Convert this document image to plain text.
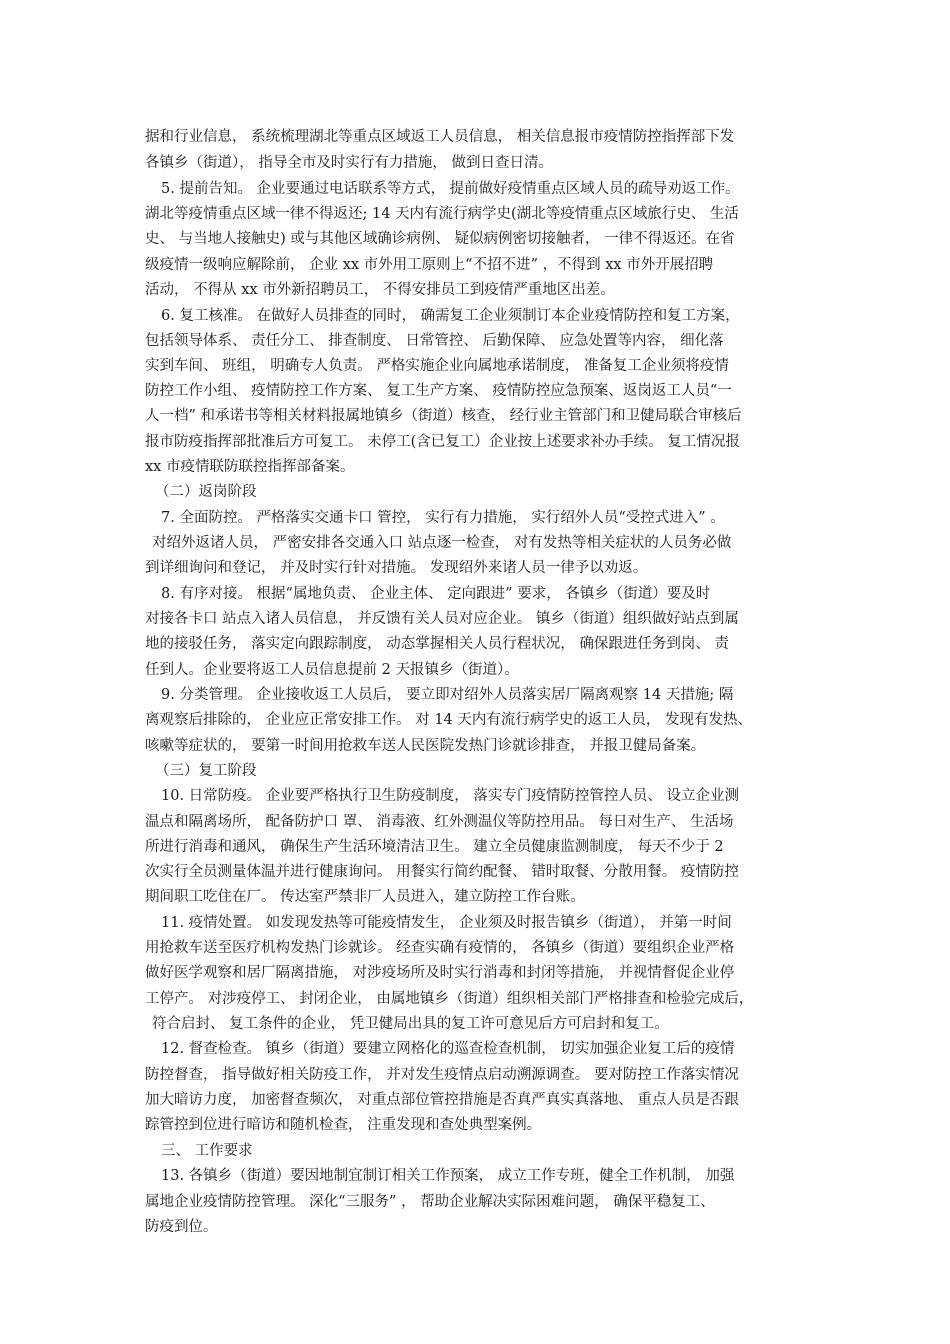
据和行业信息， 系统梳理湖北等重点区域返工人员信息， 相关信息报市疫情防控指挥部下发
各镇乡（街道）， 指导全市及时实行有力措施， 做到日查日清。
5. 提前告知。 企业要通过电话联系等方式， 提前做好疫情重点区域人员的疏导劝返工作。
湖北等疫情重点区域一律不得返还; 14 天内有流行病学史(湖北等疫情重点区域旅行史、 生活
史、 与当地人接触史) 或与其他区域确诊病例、 疑似病例密切接触者， 一律不得返还。在省
级疫情一级响应解除前， 企业 xx 市外用工原则上“不招不进” ，不得到 xx 市外开展招聘
活动， 不得从 xx 市外新招聘员工， 不得安排员工到疫情严重地区出差。
6. 复工核准。 在做好人员排查的同时， 确需复工企业须制订本企业疫情防控和复工方案，
包括领导体系、 责任分工、 排查制度、 日常管控、 后勤保障、 应急处置等内容， 细化落
实到车间、 班组， 明确专人负责。 严格实施企业向属地承诺制度， 准备复工企业须将疫情
防控工作小组、 疫情防控工作方案、 复工生产方案、 疫情防控应急预案、返岗返工人员“一
人一档” 和承诺书等相关材料报属地镇乡（街道）核查， 经行业主管部门和卫健局联合审核后
报市防疫指挥部批准后方可复工。 未停工(含已复工）企业按上述要求补办手续。 复工情况报
xx 市疫情联防联控指挥部备案。
（二）返岗阶段
7. 全面防控。 严格落实交通卡口 管控， 实行有力措施， 实行绍外人员“受控式进入” 。
对绍外返诸人员， 严密安排各交通入口 站点逐一检查， 对有发热等相关症状的人员务必做
到详细询问和登记， 并及时实行针对措施。 发现绍外来诸人员一律予以劝返。
8. 有序对接。 根据“属地负责、 企业主体、 定向跟进” 要求， 各镇乡（街道）要及时
对接各卡口 站点入诸人员信息， 并反馈有关人员对应企业。 镇乡（街道）组织做好站点到属
地的接驳任务， 落实定向跟踪制度， 动态掌握相关人员行程状况， 确保跟进任务到岗、 责
任到人。企业要将返工人员信息提前 2 天报镇乡（街道）。
9. 分类管理。 企业接收返工人员后， 要立即对绍外人员落实居厂隔离观察 14 天措施; 隔
离观察后排除的， 企业应正常安排工作。 对 14 天内有流行病学史的返工人员， 发现有发热、
咳嗽等症状的， 要第一时间用抢救车送人民医院发热门诊就诊排查， 并报卫健局备案。
（三）复工阶段
10. 日常防疫。 企业要严格执行卫生防疫制度， 落实专门疫情防控管控人员、 设立企业测
温点和隔离场所， 配备防护口 罩、 消毒液、红外测温仪等防控用品。 每日对生产、 生活场
所进行消毒和通风， 确保生产生活环境清洁卫生。 建立全员健康监测制度， 每天不少于 2
次实行全员测量体温并进行健康询问。 用餐实行简约配餐、 错时取餐、分散用餐。 疫情防控
期间职工吃住在厂。 传达室严禁非厂人员进入，建立防控工作台账。
11. 疫情处置。 如发现发热等可能疫情发生， 企业须及时报告镇乡（街道）， 并第一时间
用抢救车送至医疗机构发热门诊就诊。 经查实确有疫情的， 各镇乡（街道）要组织企业严格
做好医学观察和居厂隔离措施， 对涉疫场所及时实行消毒和封闭等措施， 并视情督促企业停
工停产。 对涉疫停工、 封闭企业， 由属地镇乡（街道）组织相关部门严格排查和检验完成后，
符合启封、 复工条件的企业， 凭卫健局出具的复工许可意见后方可启封和复工。
12. 督查检查。 镇乡（街道）要建立网格化的巡查检查机制， 切实加强企业复工后的疫情
防控督查， 指导做好相关防疫工作， 并对发生疫情点启动溯源调查。 要对防控工作落实情况
加大暗访力度， 加密督查频次， 对重点部位管控措施是否真严真实真落地、 重点人员是否跟
踪管控到位进行暗访和随机检查， 注重发现和查处典型案例。
三、 工作要求
13. 各镇乡（街道）要因地制宜制订相关工作预案， 成立工作专班，健全工作机制， 加强
属地企业疫情防控管理。 深化“三服务” ， 帮助企业解决实际困难问题， 确保平稳复工、
防疫到位。
